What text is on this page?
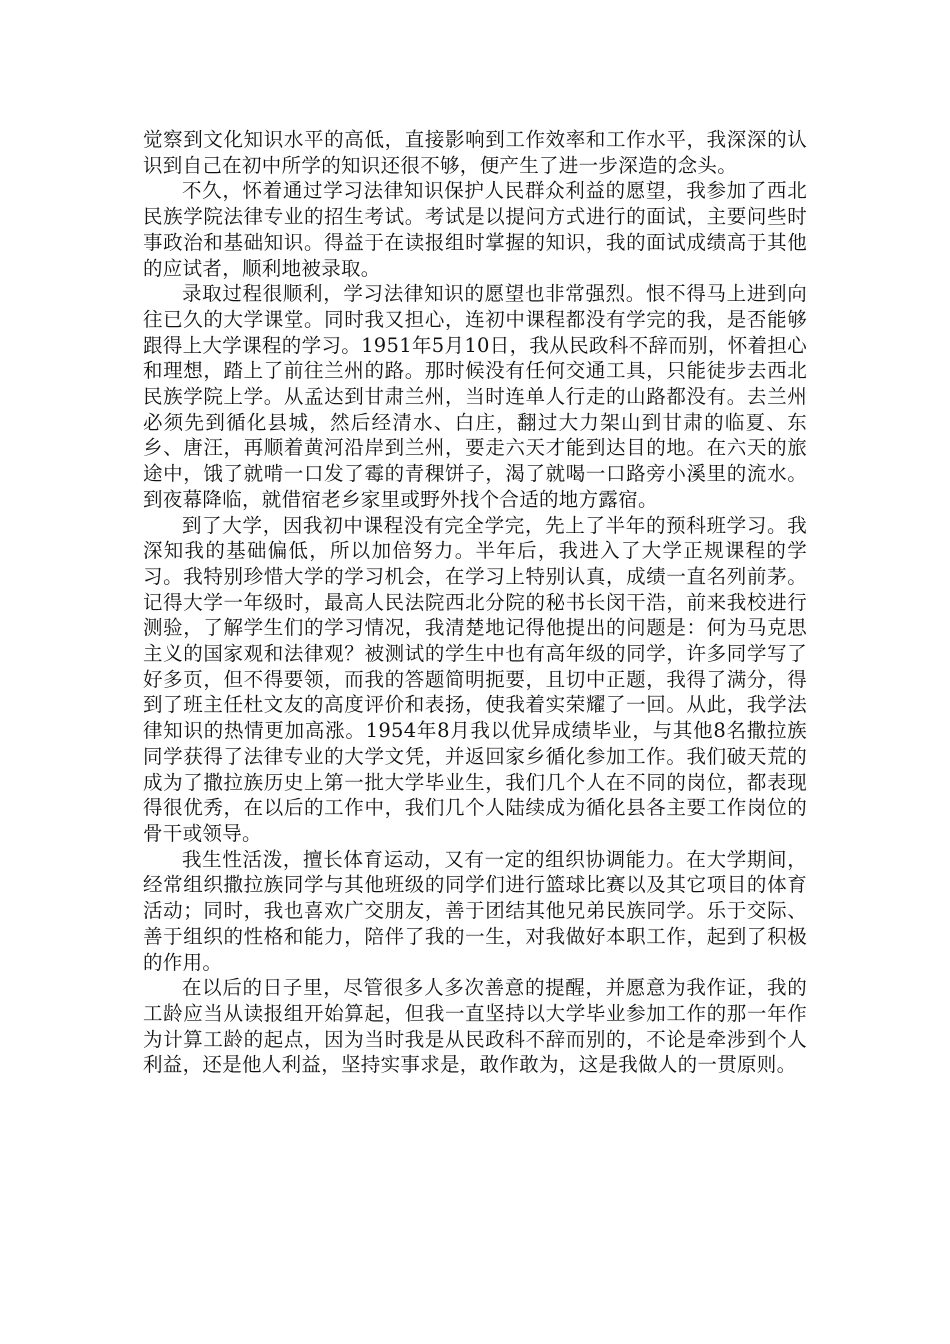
觉察到文化知识水平的高低，直接影响到工作效率和工作水平，我深深的认识到自己在初中所学的知识还很不够，便产生了进一步深造的念头。

不久，怀着通过学习法律知识保护人民群众利益的愿望，我参加了西北民族学院法律专业的招生考试。考试是以提问方式进行的面试，主要问些时事政治和基础知识。得益于在读报组时掌握的知识，我的面试成绩高于其他的应试者，顺利地被录取。

录取过程很顺利，学习法律知识的愿望也非常强烈。恨不得马上进到向往已久的大学课堂。同时我又担心，连初中课程都没有学完的我，是否能够跟得上大学课程的学习。1951年5月10日，我从民政科不辞而别，怀着担心和理想，踏上了前往兰州的路。那时候没有任何交通工具，只能徒步去西北民族学院上学。从孟达到甘肃兰州，当时连单人行走的山路都没有。去兰州必须先到循化县城，然后经清水、白庄，翻过大力架山到甘肃的临夏、东乡、唐汪，再顺着黄河沿岸到兰州，要走六天才能到达目的地。在六天的旅途中，饿了就啃一口发了霉的青稞饼子，渴了就喝一口路旁小溪里的流水。到夜幕降临，就借宿老乡家里或野外找个合适的地方露宿。

到了大学，因我初中课程没有完全学完，先上了半年的预科班学习。我深知我的基础偏低，所以加倍努力。半年后，我进入了大学正规课程的学习。我特别珍惜大学的学习机会，在学习上特别认真，成绩一直名列前茅。记得大学一年级时，最高人民法院西北分院的秘书长闵干浩，前来我校进行测验，了解学生们的学习情况，我清楚地记得他提出的问题是：何为马克思主义的国家观和法律观？被测试的学生中也有高年级的同学，许多同学写了好多页，但不得要领，而我的答题简明扼要，且切中正题，我得了满分，得到了班主任杜文友的高度评价和表扬，使我着实荣耀了一回。从此，我学法律知识的热情更加高涨。1954年8月我以优异成绩毕业，与其他8名撒拉族同学获得了法律专业的大学文凭，并返回家乡循化参加工作。我们破天荒的成为了撒拉族历史上第一批大学毕业生，我们几个人在不同的岗位，都表现得很优秀，在以后的工作中，我们几个人陆续成为循化县各主要工作岗位的骨干或领导。

我生性活泼，擅长体育运动，又有一定的组织协调能力。在大学期间，经常组织撒拉族同学与其他班级的同学们进行篮球比赛以及其它项目的体育活动；同时，我也喜欢广交朋友，善于团结其他兄弟民族同学。乐于交际、善于组织的性格和能力，陪伴了我的一生，对我做好本职工作，起到了积极的作用。

在以后的日子里，尽管很多人多次善意的提醒，并愿意为我作证，我的工龄应当从读报组开始算起，但我一直坚持以大学毕业参加工作的那一年作为计算工龄的起点，因为当时我是从民政科不辞而别的，不论是牵涉到个人利益，还是他人利益，坚持实事求是，敢作敢为，这是我做人的一贯原则。
